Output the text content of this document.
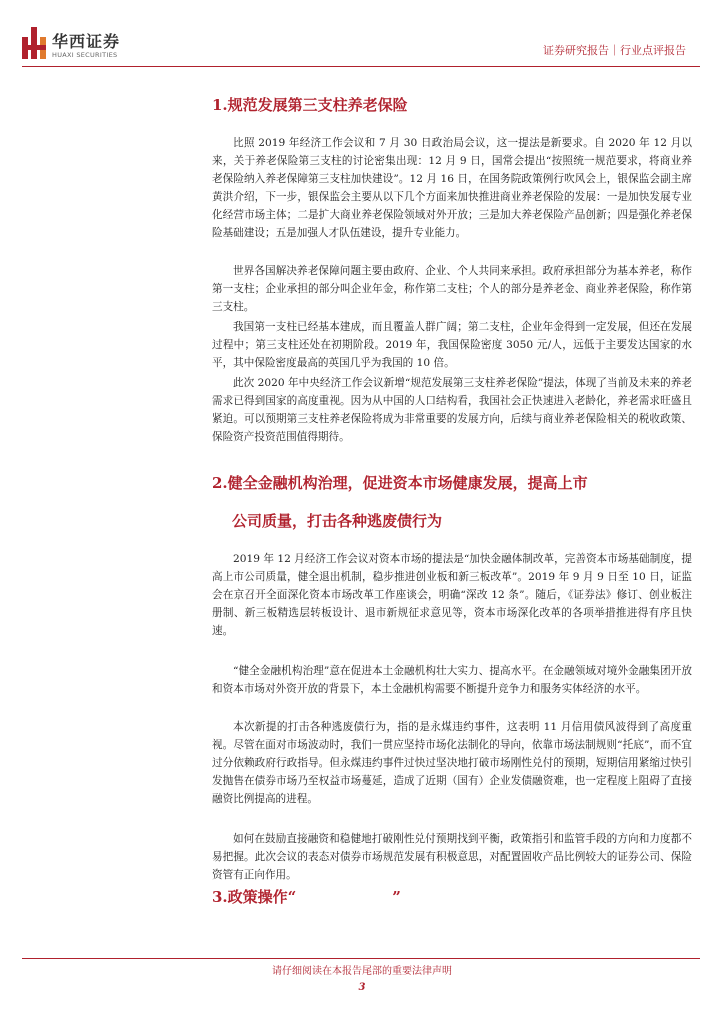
华西证券
HUAXI SECURITIES	证券研究报告｜行业点评报告
1.规范发展第三支柱养老保险
比照 2019 年经济工作会议和 7 月 30 日政治局会议，这一提法是新要求。自 2020 年 12 月以来，关于养老保险第三支柱的讨论密集出现：12 月 9 日，国常会提出“按照统一规范要求，将商业养老保险纳入养老保障第三支柱加快建设”。12 月 16 日，在国务院政策例行吹风会上，银保监会副主席黄洪介绍，下一步，银保监会主要从以下几个方面来加快推进商业养老保险的发展：一是加快发展专业化经营市场主体；二是扩大商业养老保险领域对外开放；三是加大养老保险产品创新；四是强化养老保险基础建设；五是加强人才队伍建设，提升专业能力。
世界各国解决养老保障问题主要由政府、企业、个人共同来承担。政府承担部分为基本养老，称作第一支柱；企业承担的部分叫企业年金，称作第二支柱；个人的部分是养老金、商业养老保险，称作第三支柱。
我国第一支柱已经基本建成，而且覆盖人群广阔；第二支柱，企业年金得到一定发展，但还在发展过程中；第三支柱还处在初期阶段。2019 年，我国保险密度 3050 元/人，远低于主要发达国家的水平，其中保险密度最高的英国几乎为我国的 10 倍。
此次 2020 年中央经济工作会议新增“规范发展第三支柱养老保险”提法，体现了当前及未来的养老需求已得到国家的高度重视。因为从中国的人口结构看，我国社会正快速进入老龄化，养老需求旺盛且紧迫。可以预期第三支柱养老保险将成为非常重要的发展方向，后续与商业养老保险相关的税收政策、保险资产投资范围值得期待。
2.健全金融机构治理，促进资本市场健康发展，提高上市
公司质量，打击各种逃废债行为
2019 年 12 月经济工作会议对资本市场的提法是“加快金融体制改革，完善资本市场基础制度，提高上市公司质量，健全退出机制，稳步推进创业板和新三板改革”。2019 年 9 月 9 日至 10 日，证监会在京召开全面深化资本市场改革工作座谈会，明确“深改 12 条”。随后，《证券法》修订、创业板注册制、新三板精选层转板设计、退市新规征求意见等，资本市场深化改革的各项举措推进得有序且快速。
“健全金融机构治理”意在促进本土金融机构壮大实力、提高水平。在金融领域对境外金融集团开放和资本市场对外资开放的背景下，本土金融机构需要不断提升竞争力和服务实体经济的水平。
本次新提的打击各种逃废债行为，指的是永煤违约事件，这表明 11 月信用债风波得到了高度重视。尽管在面对市场波动时，我们一贯应坚持市场化法制化的导向，依靠市场法制规则“托底”，而不宜过分依赖政府行政指导。但永煤违约事件过快过坚决地打破市场刚性兑付的预期，短期信用紧缩过快引发抛售在债券市场乃至权益市场蔓延，造成了近期（国有）企业发债融资难，也一定程度上阻碍了直接融资比例提高的进程。
如何在鼓励直接融资和稳健地打破刚性兑付预期找到平衡，政策指引和监管手段的方向和力度都不易把握。此次会议的表态对债券市场规范发展有积极意思，对配置固收产品比例较大的证券公司、保险资管有正向作用。
3.政策操作“	”
请仔细阅读在本报告尾部的重要法律声明
3
